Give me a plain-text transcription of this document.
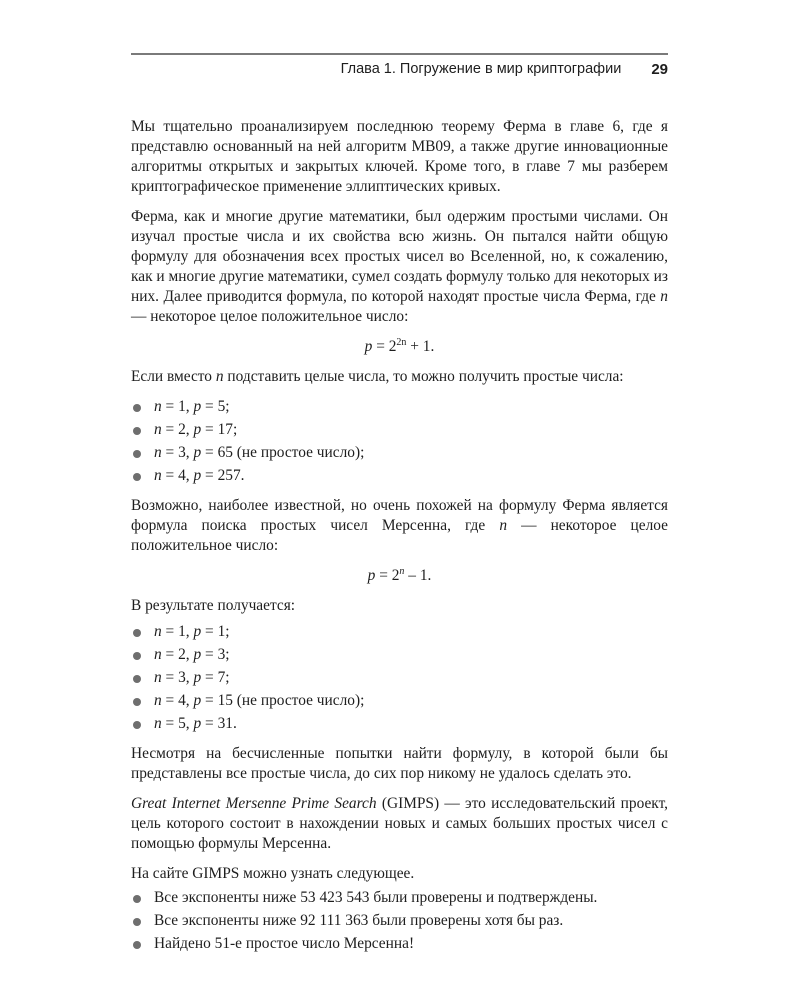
Глава 1. Погружение в мир криптографии 29

Мы тщательно проанализируем последнюю теорему Ферма в главе 6, где я представлю основанный на ней алгоритм MB09, а также другие инновационные алгоритмы открытых и закрытых ключей. Кроме того, в главе 7 мы разберем криптографическое применение эллиптических кривых.

Ферма, как и многие другие математики, был одержим простыми числами. Он изучал простые числа и их свойства всю жизнь. Он пытался найти общую формулу для обозначения всех простых чисел во Вселенной, но, к сожалению, как и многие другие математики, сумел создать формулу только для некоторых из них. Далее приводится формула, по которой находят простые числа Ферма, где n — некоторое целое положительное число:

$p = 2^{2n} + 1$.

Если вместо n подставить целые числа, то можно получить простые числа:

n = 1, p = 5;
n = 2, p = 17;
n = 3, p = 65 (не простое число);
n = 4, p = 257.

Возможно, наиболее известной, но очень похожей на формулу Ферма является формула поиска простых чисел Мерсенна, где n — некоторое целое положительное число:

$p = 2^n - 1$.

В результате получается:

n = 1, p = 1;
n = 2, p = 3;
n = 3, p = 7;
n = 4, p = 15 (не простое число);
n = 5, p = 31.

Несмотря на бесчисленные попытки найти формулу, в которой были бы представлены все простые числа, до сих пор никому не удалось сделать это.

Great Internet Mersenne Prime Search (GIMPS) — это исследовательский проект, цель которого состоит в нахождении новых и самых больших простых чисел с помощью формулы Мерсенна.

На сайте GIMPS можно узнать следующее.

Все экспоненты ниже 53 423 543 были проверены и подтверждены.
Все экспоненты ниже 92 111 363 были проверены хотя бы раз.
Найдено 51-е простое число Мерсенна!
